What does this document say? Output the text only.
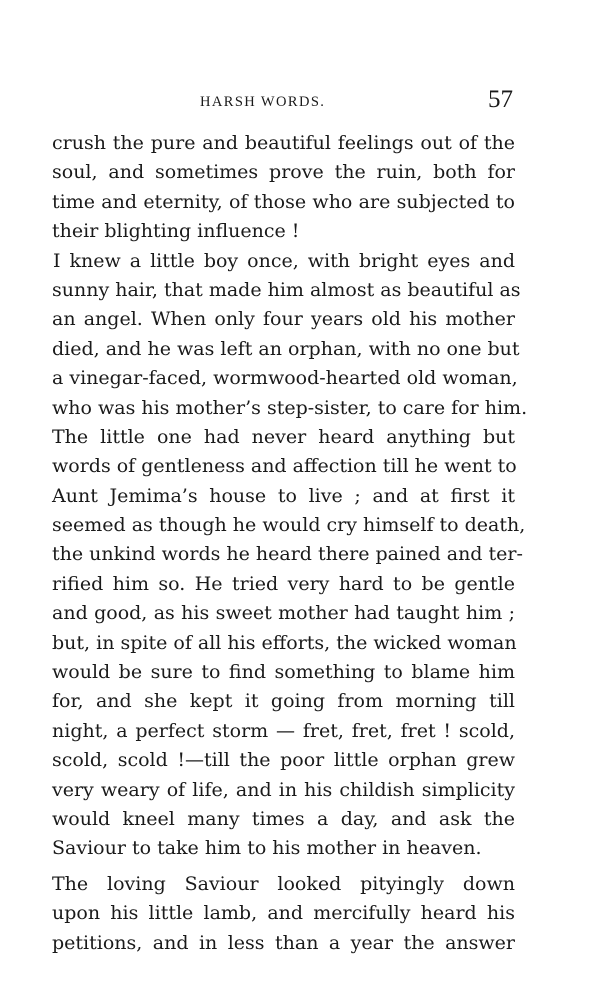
HARSH WORDS.	57
crush the pure and beautiful feelings out of the
soul, and sometimes prove the ruin, both for
time and eternity, of those who are subjected to
their blighting influence !
I knew a little boy once, with bright eyes and
sunny hair, that made him almost as beautiful as
an angel. When only four years old his mother
died, and he was left an orphan, with no one but
a vinegar-faced, wormwood-hearted old woman,
who was his mother’s step-sister, to care for him.
The little one had never heard anything but
words of gentleness and affection till he went to
Aunt Jemima’s house to live ; and at first it
seemed as though he would cry himself to death,
the unkind words he heard there pained and ter-
rified him so. He tried very hard to be gentle
and good, as his sweet mother had taught him ;
but, in spite of all his efforts, the wicked woman
would be sure to find something to blame him
for, and she kept it going from morning till
night, a perfect storm — fret, fret, fret ! scold,
scold, scold !—till the poor little orphan grew
very weary of life, and in his childish simplicity
would kneel many times a day, and ask the
Saviour to take him to his mother in heaven.
The loving Saviour looked pityingly down
upon his little lamb, and mercifully heard his
petitions, and in less than a year the answer
